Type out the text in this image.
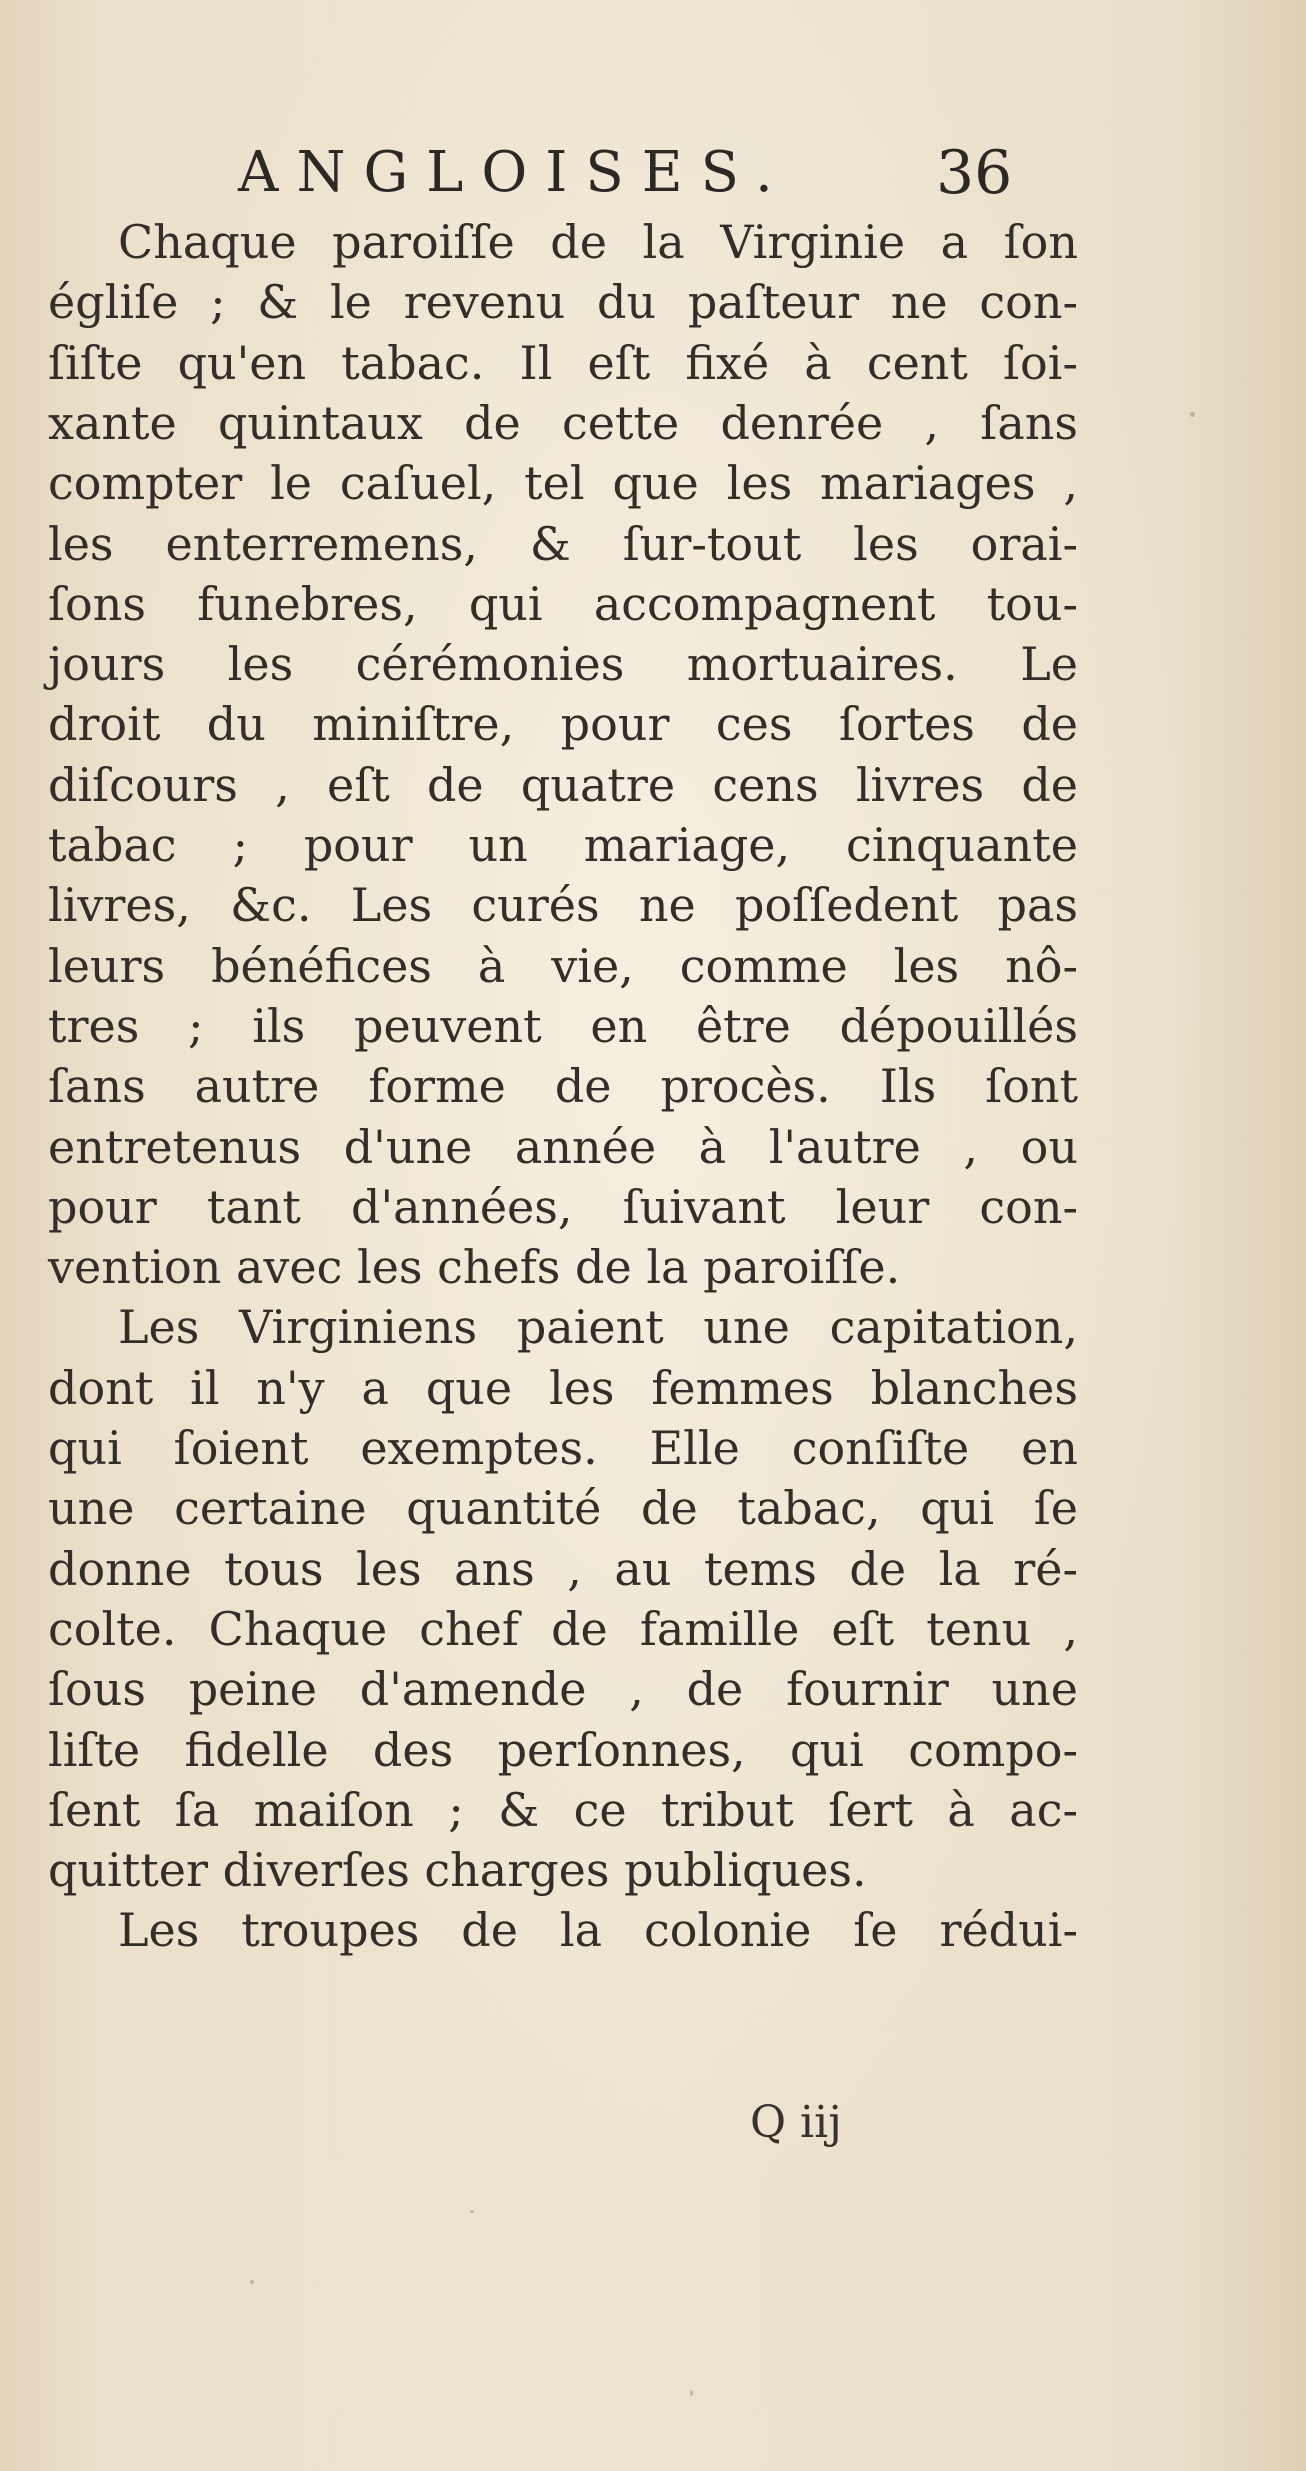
ANGLOISES. 36
Chaque paroiſſe de la Virginie a ſon
égliſe ; & le revenu du paſteur ne con-
ſiſte qu'en tabac. Il eſt fixé à cent ſoi-
xante quintaux de cette denrée , ſans
compter le caſuel, tel que les mariages ,
les enterremens, & ſur-tout les orai-
ſons funebres, qui accompagnent tou-
jours les cérémonies mortuaires. Le
droit du miniſtre, pour ces ſortes de
diſcours , eſt de quatre cens livres de
tabac ; pour un mariage, cinquante
livres, &c. Les curés ne poſſedent pas
leurs bénéfices à vie, comme les nô-
tres ; ils peuvent en être dépouillés
ſans autre forme de procès. Ils ſont
entretenus d'une année à l'autre , ou
pour tant d'années, ſuivant leur con-
vention avec les chefs de la paroiſſe.
Les Virginiens paient une capitation,
dont il n'y a que les femmes blanches
qui ſoient exemptes. Elle conſiſte en
une certaine quantité de tabac, qui ſe
donne tous les ans , au tems de la ré-
colte. Chaque chef de famille eſt tenu ,
ſous peine d'amende , de fournir une
liſte fidelle des perſonnes, qui compo-
ſent ſa maiſon ; & ce tribut ſert à ac-
quitter diverſes charges publiques.
Les troupes de la colonie ſe rédui-
Q iij
